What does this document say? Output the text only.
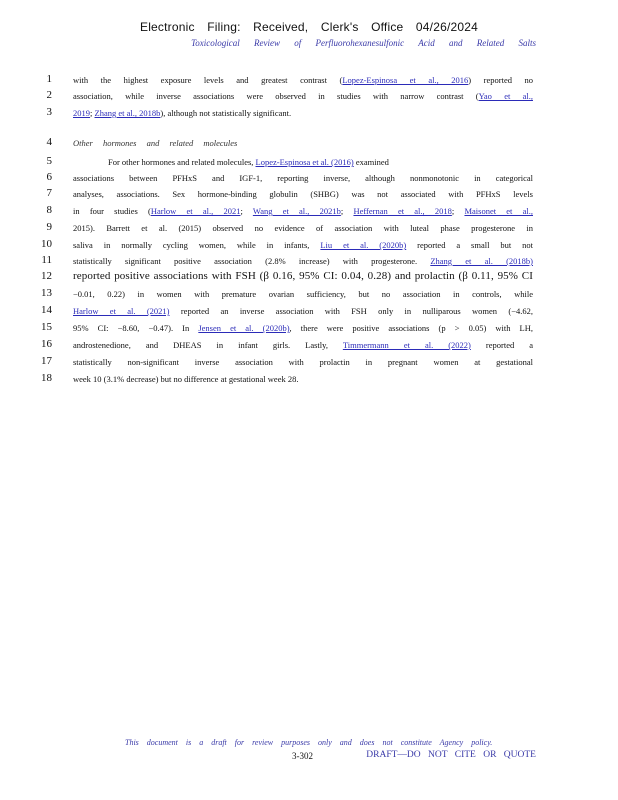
Electronic Filing: Received, Clerk's Office 04/26/2024
Toxicological Review of Perfluorohexanesulfonic Acid and Related Salts
1 with the highest exposure levels and greatest contrast (Lopez-Espinosa et al., 2016) reported no
2 association, while inverse associations were observed in studies with narrow contrast (Yao et al.,
3 2019; Zhang et al., 2018b), although not statistically significant.
4 Other hormones and related molecules
5	For other hormones and related molecules, Lopez-Espinosa et al. (2016) examined
6 associations between PFHxS and IGF-1, reporting inverse, although nonmonotonic in categorical
7 analyses, associations. Sex hormone-binding globulin (SHBG) was not associated with PFHxS levels
8 in four studies (Harlow et al., 2021; Wang et al., 2021b; Heffernan et al., 2018; Maisonet et al.,
9 2015). Barrett et al. (2015) observed no evidence of association with luteal phase progesterone in
10 saliva in normally cycling women, while in infants, Liu et al. (2020b) reported a small but not
11 statistically significant positive association (2.8% increase) with progesterone. Zhang et al. (2018b)
12 reported positive associations with FSH (β 0.16, 95% CI: 0.04, 0.28) and prolactin (β 0.11, 95% CI
13 −0.01, 0.22) in women with premature ovarian sufficiency, but no association in controls, while
14 Harlow et al. (2021) reported an inverse association with FSH only in nulliparous women (−4.62,
15 95% CI: −8.60, −0.47). In Jensen et al. (2020b), there were positive associations (p > 0.05) with LH,
16 androstenedione, and DHEAS in infant girls. Lastly, Timmermann et al. (2022) reported a
17 statistically non-significant inverse association with prolactin in pregnant women at gestational
18 week 10 (3.1% decrease) but no difference at gestational week 28.
This document is a draft for review purposes only and does not constitute Agency policy.
3-302	DRAFT—DO NOT CITE OR QUOTE
